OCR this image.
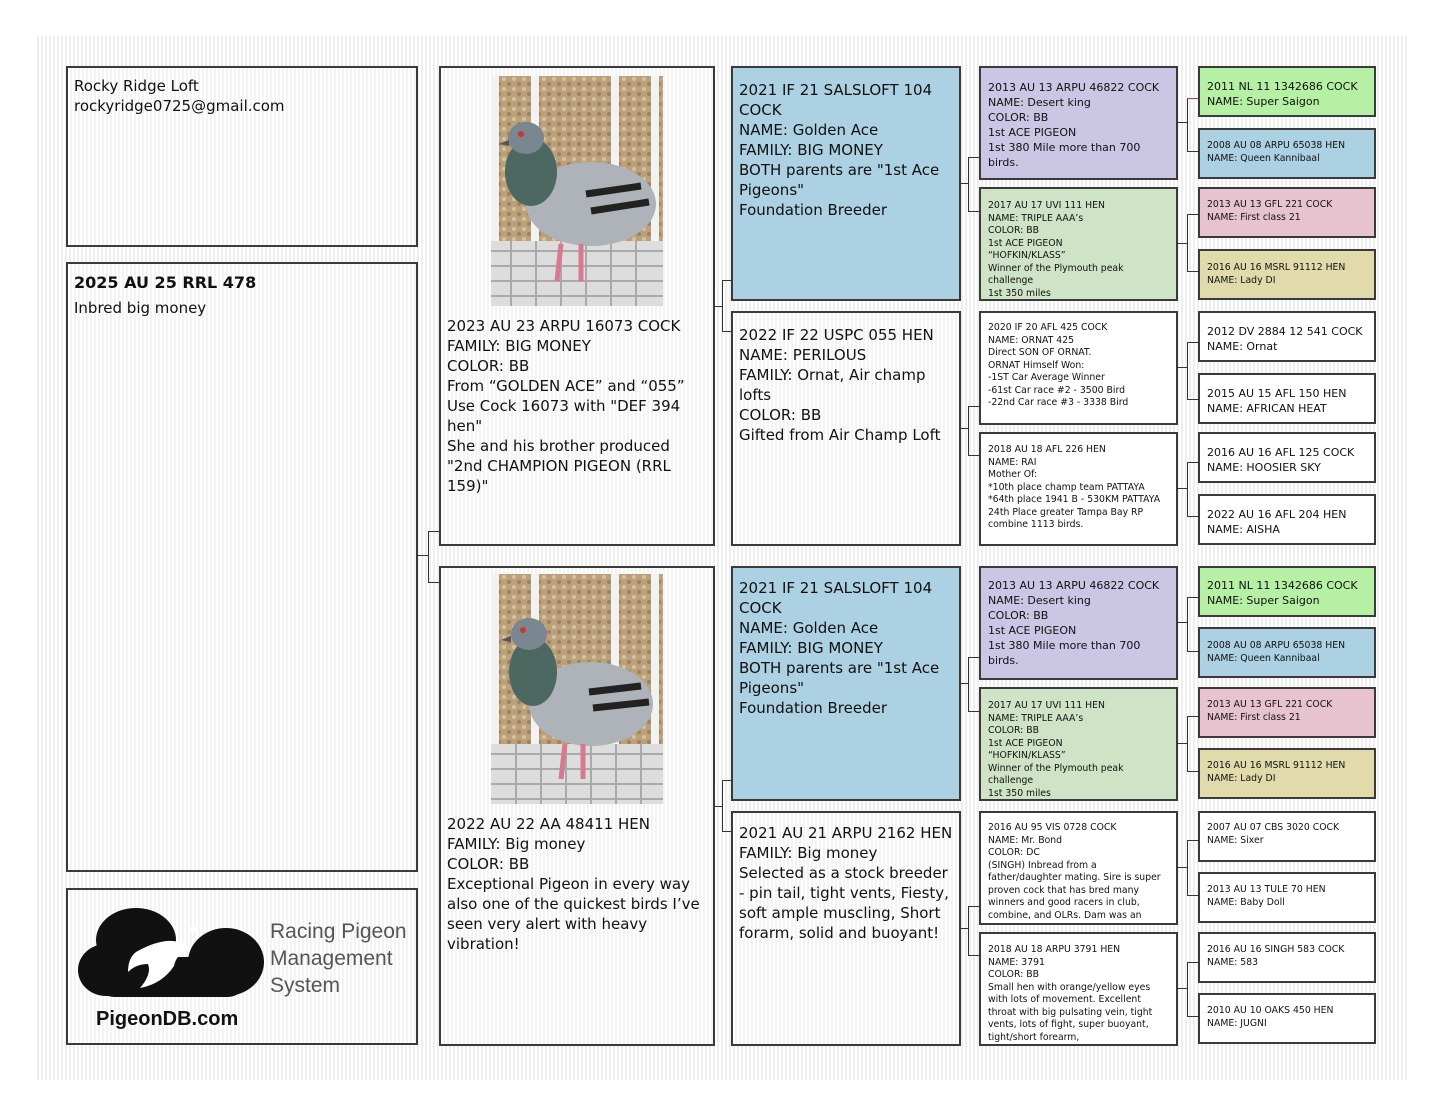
Rocky Ridge Loft
rockyridge0725@gmail.com
2025 AU 25 RRL 478
Inbred big money
Racing Pigeon
Management
System
PigeonDB.com
2023 AU 23 ARPU 16073 COCK
FAMILY: BIG MONEY
COLOR: BB
From “GOLDEN ACE” and “055”
Use Cock 16073 with "DEF 394 hen"
She and his brother produced
"2nd CHAMPION PIGEON (RRL 159)"
2022 AU 22 AA 48411 HEN
FAMILY: Big money
COLOR: BB
Exceptional Pigeon in every way also one of the quickest birds I’ve seen very alert with heavy vibration!
2021 IF 21 SALSLOFT 104 COCK
NAME: Golden Ace
FAMILY: BIG MONEY
BOTH parents are "1st Ace Pigeons"
Foundation Breeder
2022 IF 22 USPC 055 HEN
NAME: PERILOUS
FAMILY: Ornat, Air champ lofts
COLOR: BB
Gifted from Air Champ Loft
2021 IF 21 SALSLOFT 104 COCK
NAME: Golden Ace
FAMILY: BIG MONEY
BOTH parents are "1st Ace Pigeons"
Foundation Breeder
2021 AU 21 ARPU 2162 HEN
FAMILY: Big money
Selected as a stock breeder - pin tail, tight vents, Fiesty, soft ample muscling, Short forarm, solid and buoyant!
2013 AU 13 ARPU 46822 COCK
NAME: Desert king
COLOR: BB
1st ACE PIGEON
1st 380 Mile more than 700 birds.
2017 AU 17 UVI 111 HEN
NAME: TRIPLE AAA’s
COLOR: BB
1st ACE PIGEON
“HOFKIN/KLASS”
Winner of the Plymouth peak challenge
1st 350 miles
2020 IF 20 AFL 425 COCK
NAME: ORNAT 425
Direct SON OF ORNAT.
ORNAT Himself Won:
-1ST Car Average Winner
-61st Car race #2 - 3500 Bird
-22nd Car race #3 - 3338 Bird
2018 AU 18 AFL 226 HEN
NAME: RAI
Mother Of:
*10th place champ team PATTAYA
*64th place 1941 B - 530KM PATTAYA
24th Place greater Tampa Bay RP combine 1113 birds.
2013 AU 13 ARPU 46822 COCK
NAME: Desert king
COLOR: BB
1st ACE PIGEON
1st 380 Mile more than 700 birds.
2017 AU 17 UVI 111 HEN
NAME: TRIPLE AAA’s
COLOR: BB
1st ACE PIGEON
“HOFKIN/KLASS”
Winner of the Plymouth peak challenge
1st 350 miles
2016 AU 95 VIS 0728 COCK
NAME: Mr. Bond
COLOR: DC
(SINGH) Inbread from a father/daughter mating. Sire is super proven cock that has bred many winners and good racers in club, combine, and OLRs. Dam was an
2018 AU 18 ARPU 3791 HEN
NAME: 3791
COLOR: BB
Small hen with orange/yellow eyes with lots of movement. Excellent throat with big pulsating vein, tight vents, lots of fight, super buoyant, tight/short forearm,
2011 NL 11 1342686 COCK
NAME: Super Saigon
2008 AU 08 ARPU 65038 HEN
NAME: Queen Kannibaal
2013 AU 13 GFL 221 COCK
NAME: First class 21
2016 AU 16 MSRL 91112 HEN
NAME: Lady DI
2012 DV 2884 12 541 COCK
NAME: Ornat
2015 AU 15 AFL 150 HEN
NAME: AFRICAN HEAT
2016 AU 16 AFL 125 COCK
NAME: HOOSIER SKY
2022 AU 16 AFL 204 HEN
NAME: AISHA
2011 NL 11 1342686 COCK
NAME: Super Saigon
2008 AU 08 ARPU 65038 HEN
NAME: Queen Kannibaal
2013 AU 13 GFL 221 COCK
NAME: First class 21
2016 AU 16 MSRL 91112 HEN
NAME: Lady DI
2007 AU 07 CBS 3020 COCK
NAME: Sixer
2013 AU 13 TULE 70 HEN
NAME: Baby Doll
2016 AU 16 SINGH 583 COCK
NAME: 583
2010 AU 10 OAKS 450 HEN
NAME: JUGNI
